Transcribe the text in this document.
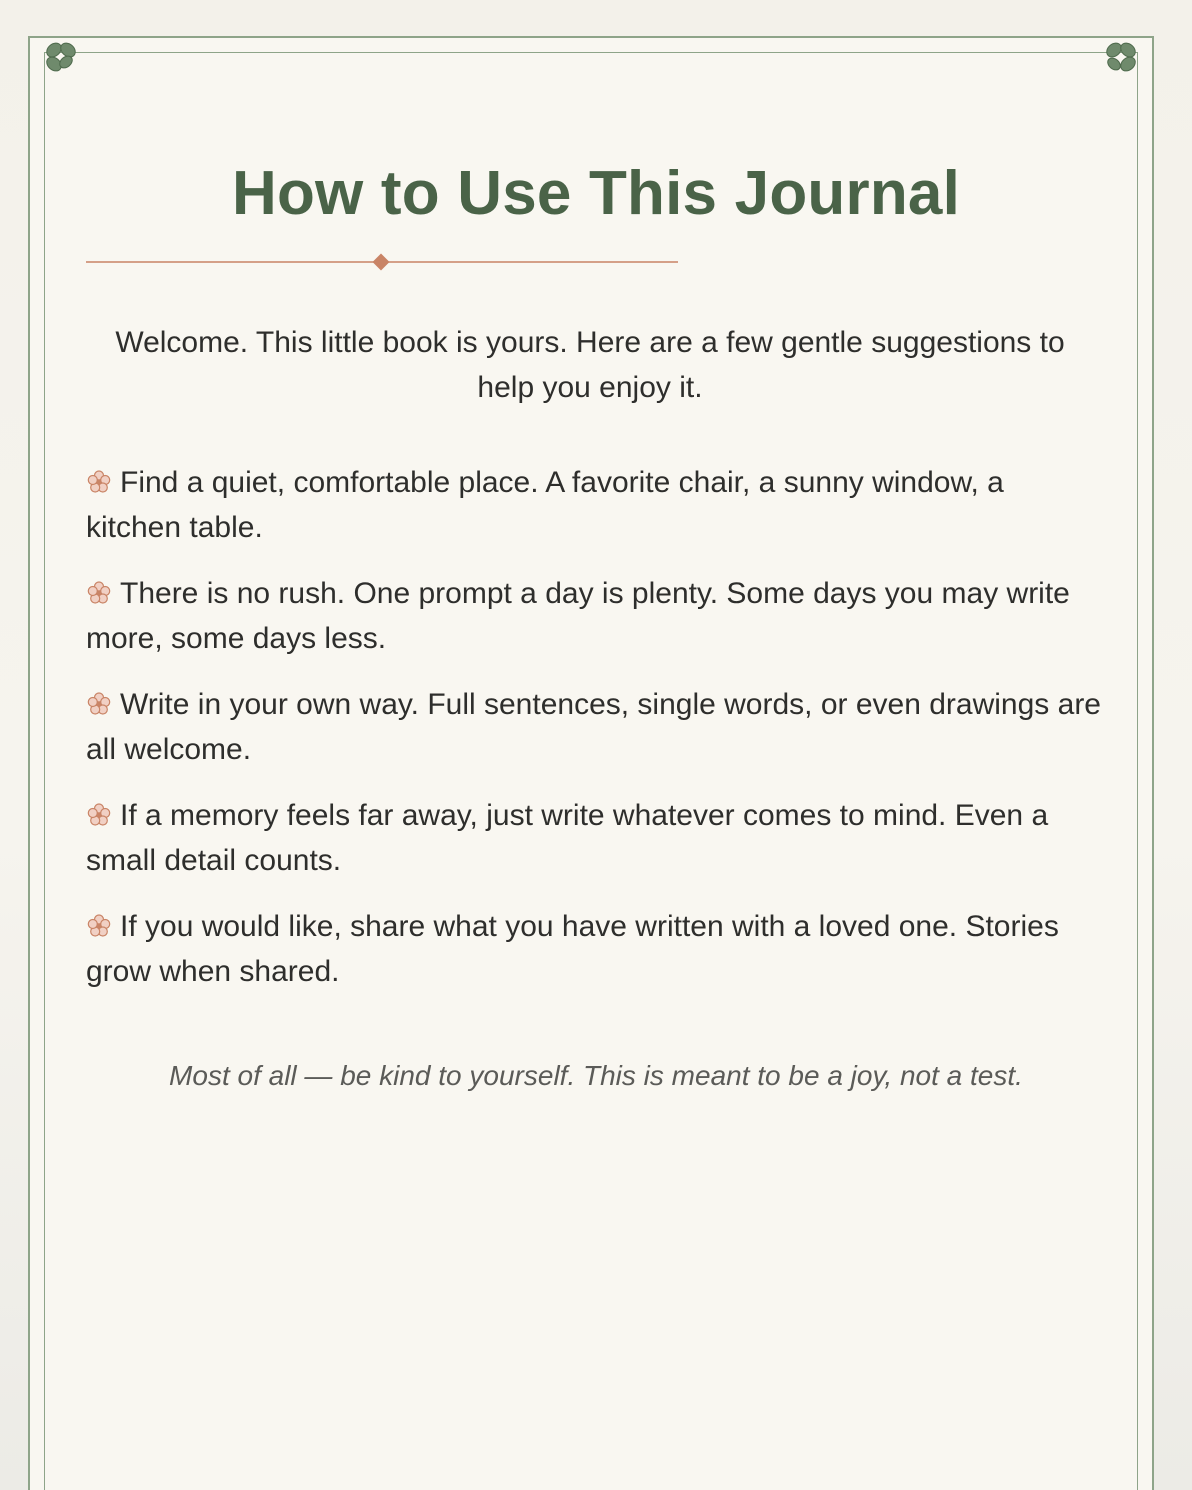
How to Use This Journal

Welcome. This little book is yours. Here are a few gentle suggestions to help you enjoy it.

Find a quiet, comfortable place. A favorite chair, a sunny window, a kitchen table.
There is no rush. One prompt a day is plenty. Some days you may write more, some days less.
Write in your own way. Full sentences, single words, or even drawings are all welcome.
If a memory feels far away, just write whatever comes to mind. Even a small detail counts.
If you would like, share what you have written with a loved one. Stories grow when shared.

Most of all — be kind to yourself. This is meant to be a joy, not a test.
